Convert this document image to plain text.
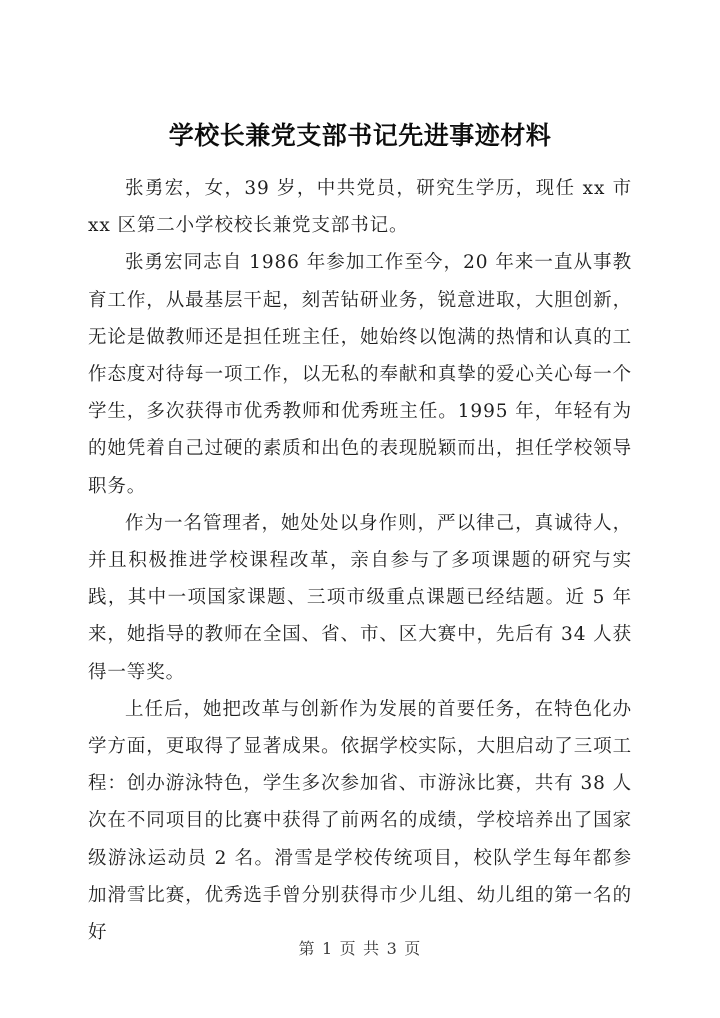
学校长兼党支部书记先进事迹材料

张勇宏，女，39 岁，中共党员，研究生学历，现任 xx 市 xx 区第二小学校校长兼党支部书记。

张勇宏同志自 1986 年参加工作至今，20 年来一直从事教育工作，从最基层干起，刻苦钻研业务，锐意进取，大胆创新，无论是做教师还是担任班主任，她始终以饱满的热情和认真的工作态度对待每一项工作，以无私的奉献和真挚的爱心关心每一个学生，多次获得市优秀教师和优秀班主任。1995 年，年轻有为的她凭着自己过硬的素质和出色的表现脱颖而出，担任学校领导职务。

作为一名管理者，她处处以身作则，严以律己，真诚待人，并且积极推进学校课程改革，亲自参与了多项课题的研究与实践，其中一项国家课题、三项市级重点课题已经结题。近 5 年来，她指导的教师在全国、省、市、区大赛中，先后有 34 人获得一等奖。

上任后，她把改革与创新作为发展的首要任务，在特色化办学方面，更取得了显著成果。依据学校实际，大胆启动了三项工程：创办游泳特色，学生多次参加省、市游泳比赛，共有 38 人次在不同项目的比赛中获得了前两名的成绩，学校培养出了国家级游泳运动员 2 名。滑雪是学校传统项目，校队学生每年都参加滑雪比赛，优秀选手曾分别获得市少儿组、幼儿组的第一名的好

第 1 页 共 3 页
